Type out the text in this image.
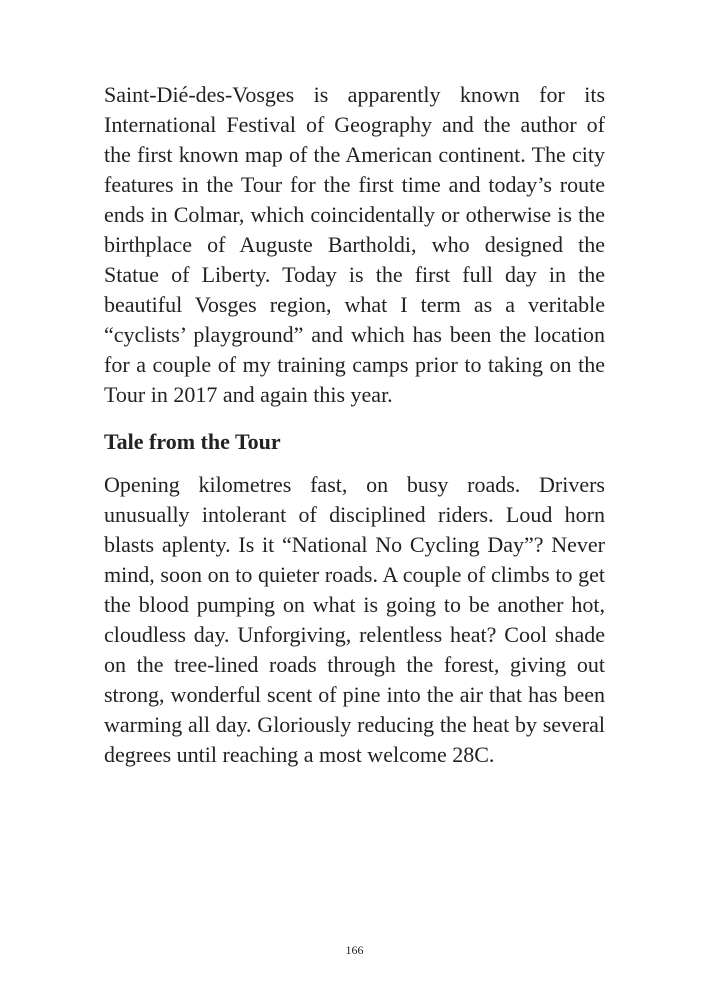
Saint-Dié-des-Vosges is apparently known for its International Festival of Geography and the author of the first known map of the American continent. The city features in the Tour for the first time and today’s route ends in Colmar, which coincidentally or otherwise is the birthplace of Auguste Bartholdi, who designed the Statue of Liberty. Today is the first full day in the beautiful Vosges region, what I term as a veritable “cyclists’ playground” and which has been the location for a couple of my training camps prior to taking on the Tour in 2017 and again this year.

Tale from the Tour

Opening kilometres fast, on busy roads. Drivers unusually intolerant of disciplined riders. Loud horn blasts aplenty. Is it “National No Cycling Day”? Never mind, soon on to quieter roads. A couple of climbs to get the blood pumping on what is going to be another hot, cloudless day. Unforgiving, relentless heat? Cool shade on the tree-lined roads through the forest, giving out strong, wonderful scent of pine into the air that has been warming all day. Gloriously reducing the heat by several degrees until reaching a most welcome 28C.

166
